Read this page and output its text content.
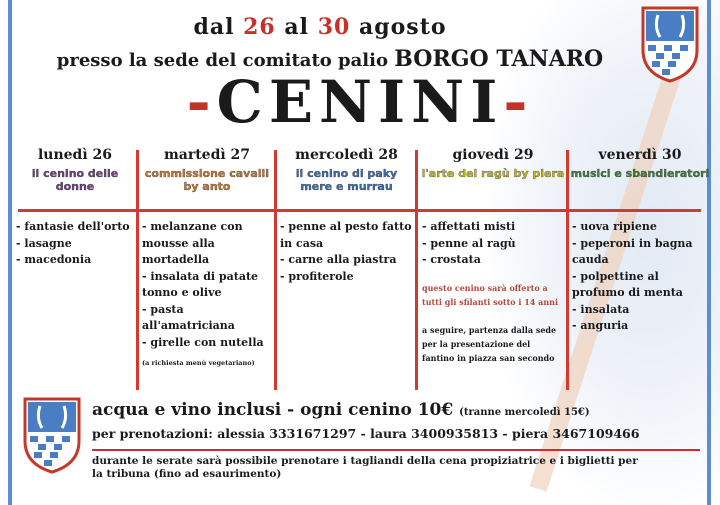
dal 26 al 30 agosto
presso la sede del comitato palio BORGO TANARO
-CENINI-
lunedì 26
il cenino delle donne
- fantasie dell'orto
- lasagne
- macedonia
martedì 27
commissione cavalli by anto
- melanzane con mousse alla mortadella
- insalata di patate tonno e olive
- pasta all'amatriciana
- girelle con nutella
(a richiesta menù vegetariano)
mercoledì 28
il cenino di paky mere e murrau
- penne al pesto fatto in casa
- carne alla piastra
- profiterole
giovedì 29
l'arte del ragù by piera
- affettati misti
- penne al ragù
- crostata
questo cenino sarà offerto a tutti gli sfilanti sotto i 14 anni
a seguire, partenza dalla sede per la presentazione del fantino in piazza san secondo
venerdì 30
musici e sbandieratori
- uova ripiene
- peperoni in bagna cauda
- polpettine al profumo di menta
- insalata
- anguria
acqua e vino inclusi - ogni cenino 10€ (tranne mercoledì 15€)
per prenotazioni: alessia 3331671297 - laura 3400935813 - piera 3467109466
durante le serate sarà possibile prenotare i tagliandi della cena propiziatrice e i biglietti per la tribuna (fino ad esaurimento)
